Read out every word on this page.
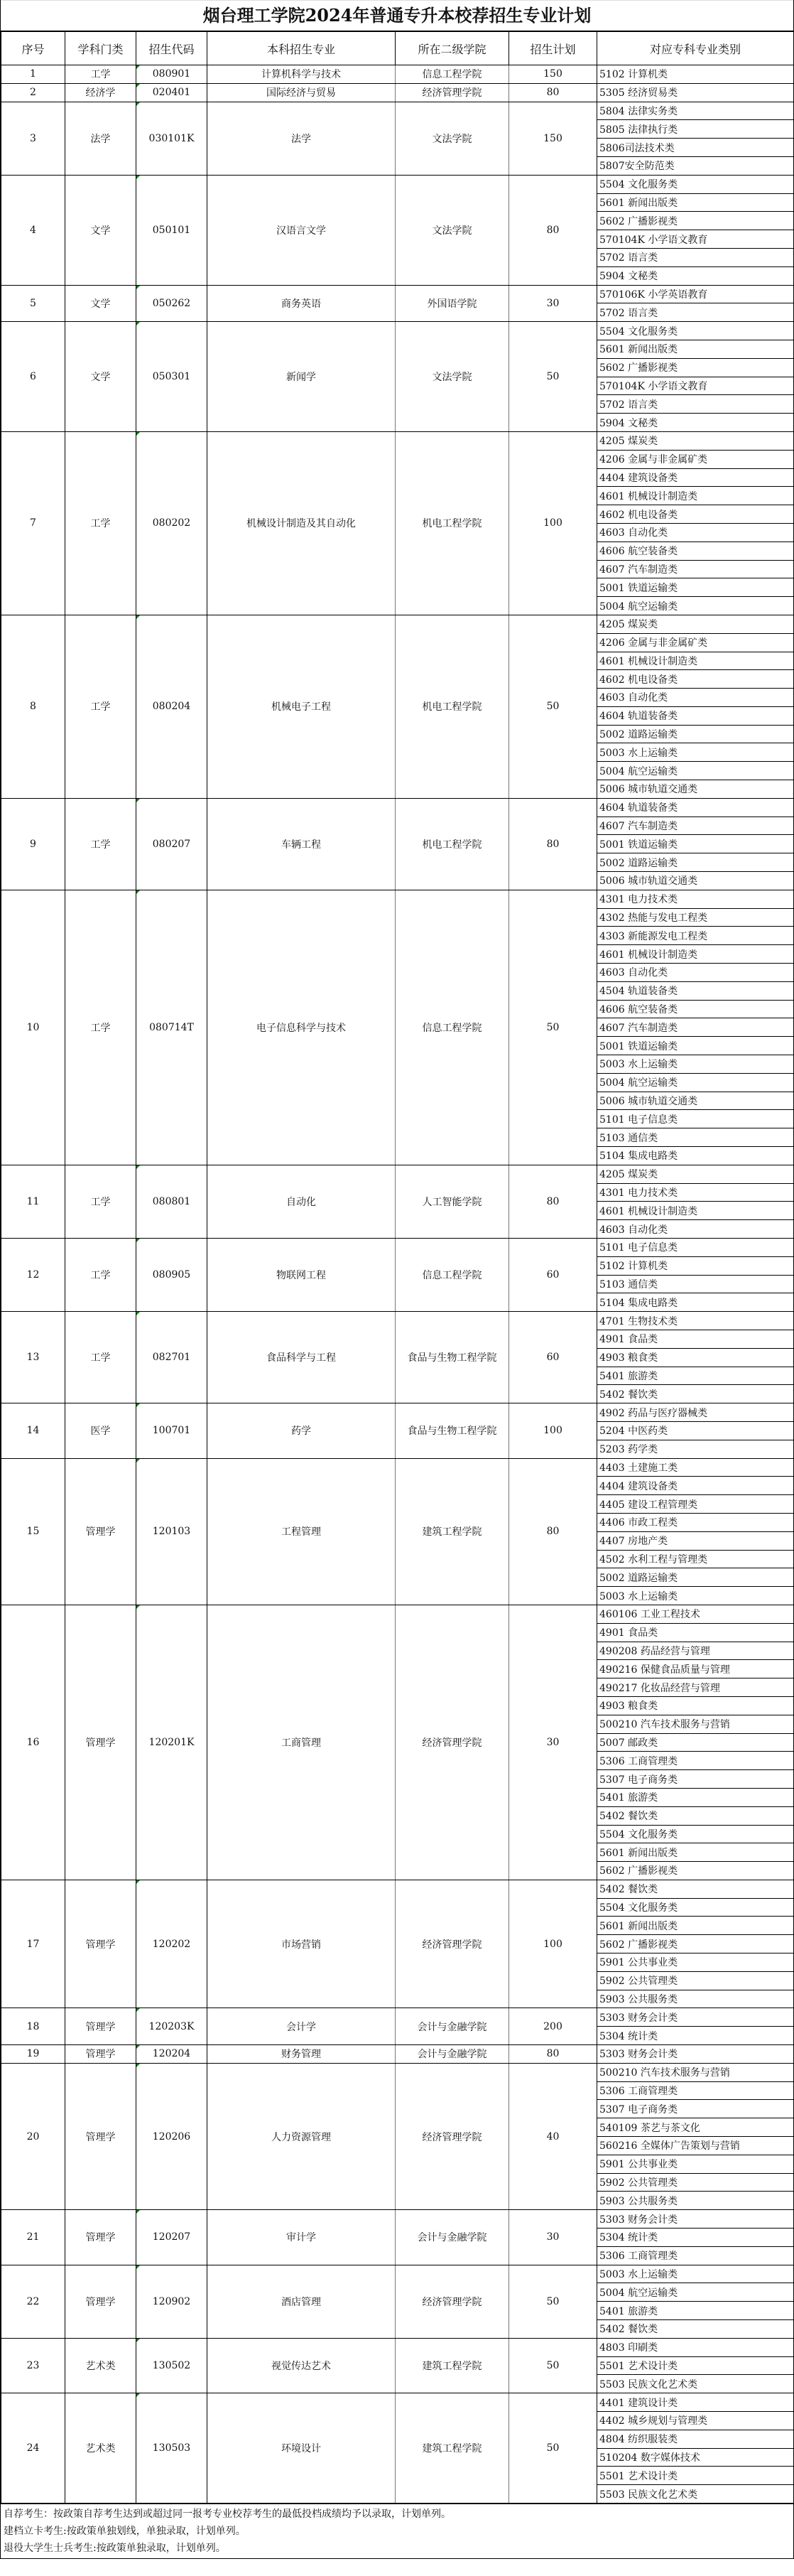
烟台理工学院2024年普通专升本校荐招生专业计划
序号	学科门类	招生代码	本科招生专业	所在二级学院	招生计划	对应专科专业类别
1	工学	080901	计算机科学与技术	信息工程学院	150	5102 计算机类
2	经济学	020401	国际经济与贸易	经济管理学院	80	5305 经济贸易类
3	法学	030101K	法学	文法学院	150	5804 法律实务类
						5805 法律执行类
						5806司法技术类
						5807安全防范类
4	文学	050101	汉语言文学	文法学院	80	5504 文化服务类
						5601 新闻出版类
						5602 广播影视类
						570104K 小学语文教育
						5702 语言类
						5904 文秘类
5	文学	050262	商务英语	外国语学院	30	570106K 小学英语教育
						5702 语言类
6	文学	050301	新闻学	文法学院	50	5504 文化服务类
						5601 新闻出版类
						5602 广播影视类
						570104K 小学语文教育
						5702 语言类
						5904 文秘类
7	工学	080202	机械设计制造及其自动化	机电工程学院	100	4205 煤炭类
						4206 金属与非金属矿类
						4404 建筑设备类
						4601 机械设计制造类
						4602 机电设备类
						4603 自动化类
						4606 航空装备类
						4607 汽车制造类
						5001 铁道运输类
						5004 航空运输类
8	工学	080204	机械电子工程	机电工程学院	50	4205 煤炭类
						4206 金属与非金属矿类
						4601 机械设计制造类
						4602 机电设备类
						4603 自动化类
						4604 轨道装备类
						5002 道路运输类
						5003 水上运输类
						5004 航空运输类
						5006 城市轨道交通类
9	工学	080207	车辆工程	机电工程学院	80	4604 轨道装备类
						4607 汽车制造类
						5001 铁道运输类
						5002 道路运输类
						5006 城市轨道交通类
10	工学	080714T	电子信息科学与技术	信息工程学院	50	4301 电力技术类
						4302 热能与发电工程类
						4303 新能源发电工程类
						4601 机械设计制造类
						4603 自动化类
						4504 轨道装备类
						4606 航空装备类
						4607 汽车制造类
						5001 铁道运输类
						5003 水上运输类
						5004 航空运输类
						5006 城市轨道交通类
						5101 电子信息类
						5103 通信类
						5104 集成电路类
11	工学	080801	自动化	人工智能学院	80	4205 煤炭类
						4301 电力技术类
						4601 机械设计制造类
						4603 自动化类
12	工学	080905	物联网工程	信息工程学院	60	5101 电子信息类
						5102 计算机类
						5103 通信类
						5104 集成电路类
13	工学	082701	食品科学与工程	食品与生物工程学院	60	4701 生物技术类
						4901 食品类
						4903 粮食类
						5401 旅游类
						5402 餐饮类
14	医学	100701	药学	食品与生物工程学院	100	4902 药品与医疗器械类
						5204 中医药类
						5203 药学类
15	管理学	120103	工程管理	建筑工程学院	80	4403 土建施工类
						4404 建筑设备类
						4405 建设工程管理类
						4406 市政工程类
						4407 房地产类
						4502 水利工程与管理类
						5002 道路运输类
						5003 水上运输类
16	管理学	120201K	工商管理	经济管理学院	30	460106 工业工程技术
						4901 食品类
						490208 药品经营与管理
						490216 保健食品质量与管理
						490217 化妆品经营与管理
						4903 粮食类
						500210 汽车技术服务与营销
						5007 邮政类
						5306 工商管理类
						5307 电子商务类
						5401 旅游类
						5402 餐饮类
						5504 文化服务类
						5601 新闻出版类
						5602 广播影视类
17	管理学	120202	市场营销	经济管理学院	100	5402 餐饮类
						5504 文化服务类
						5601 新闻出版类
						5602 广播影视类
						5901 公共事业类
						5902 公共管理类
						5903 公共服务类
18	管理学	120203K	会计学	会计与金融学院	200	5303 财务会计类
						5304 统计类
19	管理学	120204	财务管理	会计与金融学院	80	5303 财务会计类
20	管理学	120206	人力资源管理	经济管理学院	40	500210 汽车技术服务与营销
						5306 工商管理类
						5307 电子商务类
						540109 茶艺与茶文化
						560216 全媒体广告策划与营销
						5901 公共事业类
						5902 公共管理类
						5903 公共服务类
21	管理学	120207	审计学	会计与金融学院	30	5303 财务会计类
						5304 统计类
						5306 工商管理类
22	管理学	120902	酒店管理	经济管理学院	50	5003 水上运输类
						5004 航空运输类
						5401 旅游类
						5402 餐饮类
23	艺术类	130502	视觉传达艺术	建筑工程学院	50	4803 印刷类
						5501 艺术设计类
						5503 民族文化艺术类
24	艺术类	130503	环境设计	建筑工程学院	50	4401 建筑设计类
						4402 城乡规划与管理类
						4804 纺织服装类
						510204 数字媒体技术
						5501 艺术设计类
						5503 民族文化艺术类
自荐考生：按政策自荐考生达到或超过同一报考专业校荐考生的最低投档成绩均予以录取，计划单列。
建档立卡考生:按政策单独划线，单独录取，计划单列。
退役大学生士兵考生:按政策单独录取，计划单列。
